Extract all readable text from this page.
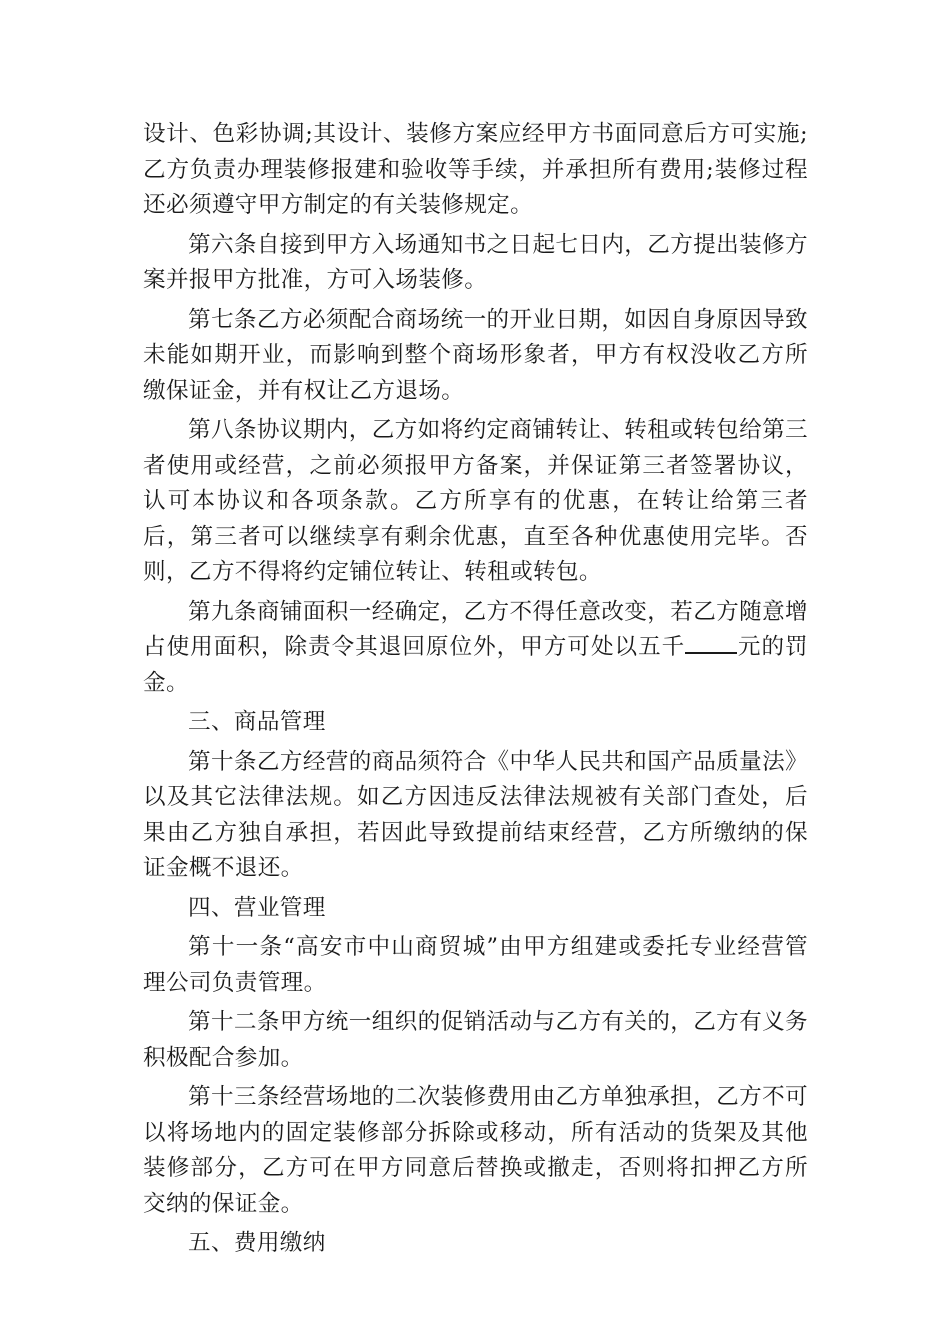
设计、色彩协调;其设计、装修方案应经甲方书面同意后方可实施;乙方负责办理装修报建和验收等手续，并承担所有费用;装修过程还必须遵守甲方制定的有关装修规定。

第六条自接到甲方入场通知书之日起七日内，乙方提出装修方案并报甲方批准，方可入场装修。

第七条乙方必须配合商场统一的开业日期，如因自身原因导致未能如期开业，而影响到整个商场形象者，甲方有权没收乙方所缴保证金，并有权让乙方退场。

第八条协议期内，乙方如将约定商铺转让、转租或转包给第三者使用或经营，之前必须报甲方备案，并保证第三者签署协议，认可本协议和各项条款。乙方所享有的优惠，在转让给第三者后，第三者可以继续享有剩余优惠，直至各种优惠使用完毕。否则，乙方不得将约定铺位转让、转租或转包。

第九条商铺面积一经确定，乙方不得任意改变，若乙方随意增占使用面积，除责令其退回原位外，甲方可处以五千 元的罚金。

三、商品管理

第十条乙方经营的商品须符合《中华人民共和国产品质量法》以及其它法律法规。如乙方因违反法律法规被有关部门查处，后果由乙方独自承担，若因此导致提前结束经营，乙方所缴纳的保证金概不退还。

四、营业管理

第十一条“高安市中山商贸城”由甲方组建或委托专业经营管理公司负责管理。

第十二条甲方统一组织的促销活动与乙方有关的，乙方有义务积极配合参加。

第十三条经营场地的二次装修费用由乙方单独承担，乙方不可以将场地内的固定装修部分拆除或移动，所有活动的货架及其他装修部分，乙方可在甲方同意后替换或撤走，否则将扣押乙方所交纳的保证金。

五、费用缴纳
